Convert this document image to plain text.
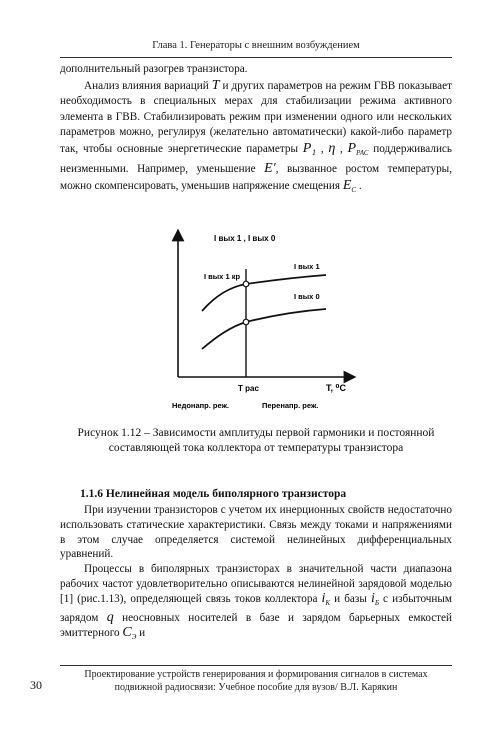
Глава 1. Генераторы с внешним возбуждением

дополнительный разогрев транзистора.

Анализ влияния вариаций T и других параметров на режим ГВВ показывает необходимость в специальных мерах для стабилизации режима активного элемента в ГВВ. Стабилизировать режим при изменении одного или нескольких параметров можно, регулируя (желательно автоматически) какой-либо параметр так, чтобы основные энергетические параметры P₁ , η , $P_{РАС}$ поддерживались неизменными. Например, уменьшение E′, вызванное ростом температуры, можно скомпенсировать, уменьшив напряжение смещения $E_C$ .

I вых 1 , I вых 0
I вых 1 кр
I вых 1
I вых 0
T рас	T, ⁰C
Недонапр. реж.	Перенапр. реж.
Рисунок 1.12 – Зависимости амплитуды первой гармоники и постоянной составляющей тока коллектора от температуры транзистора
1.1.6 Нелинейная модель биполярного транзистора

При изучении транзисторов с учетом их инерционных свойств недостаточно использовать статические характеристики. Связь между токами и напряжениями в этом случае определяется системой нелинейных дифференциальных уравнений.

Процессы в биполярных транзисторах в значительной части диапазона рабочих частот удовлетворительно описываются нелинейной зарядовой моделью [1] (рис.1.13), определяющей связь токов коллектора $i_К$ и базы $i_Б$ с избыточным зарядом q неосновных носителей в базе и зарядом барьерных емкостей эмиттерного $C_Э$ и

Проектирование устройств генерирования и формирования сигналов в системах
подвижной радиосвязи: Учебное пособие для вузов/ В.Л. Карякин
30
